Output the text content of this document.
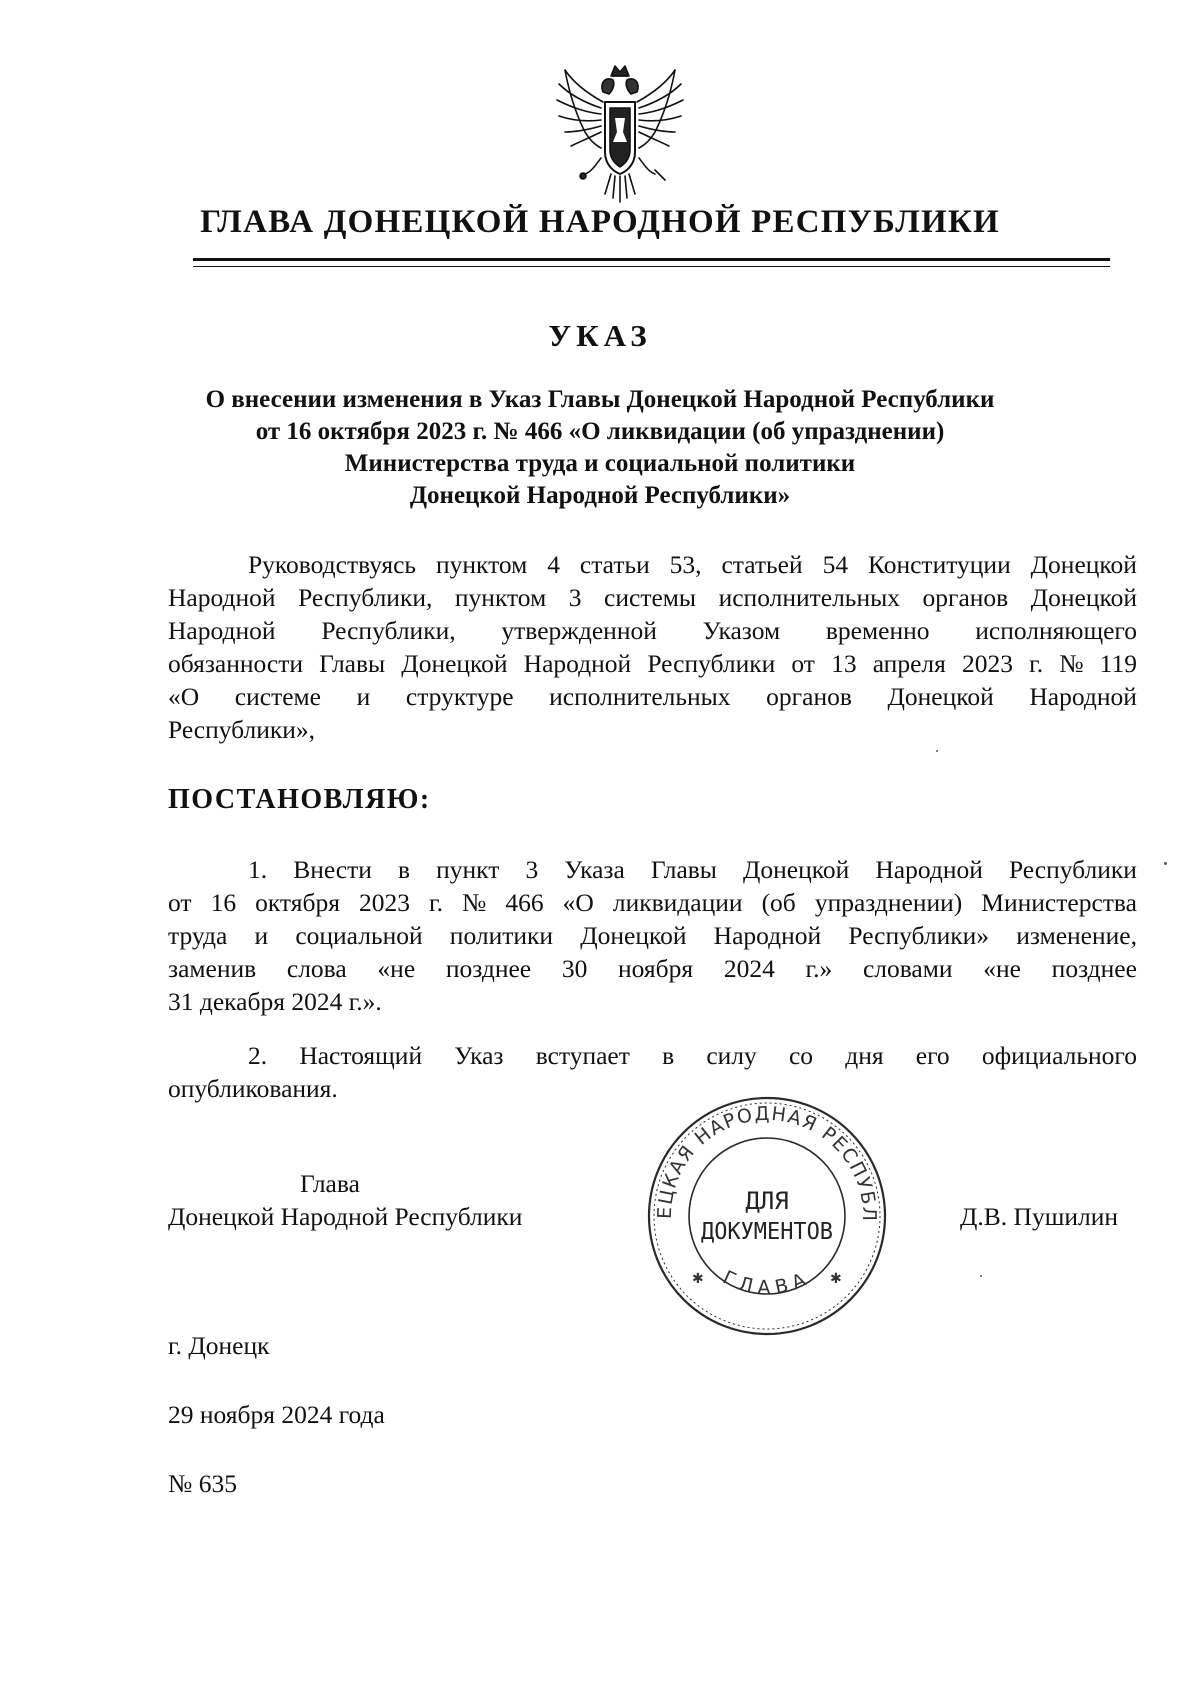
ГЛАВА ДОНЕЦКОЙ НАРОДНОЙ РЕСПУБЛИКИ
УКАЗ
О внесении изменения в Указ Главы Донецкой Народной Республики
от 16 октября 2023 г. № 466 «О ликвидации (об упразднении)
Министерства труда и социальной политики
Донецкой Народной Республики»
Руководствуясь пунктом 4 статьи 53, статьей 54 Конституции Донецкой
Народной Республики, пунктом 3 системы исполнительных органов Донецкой
Народной Республики, утвержденной Указом временно исполняющего
обязанности Главы Донецкой Народной Республики от 13 апреля 2023 г. № 119
«О системе и структуре исполнительных органов Донецкой Народной
Республики»,
ПОСТАНОВЛЯЮ:
1. Внести в пункт 3 Указа Главы Донецкой Народной Республики
от 16 октября 2023 г. № 466 «О ликвидации (об упразднении) Министерства
труда и социальной политики Донецкой Народной Республики» изменение,
заменив слова «не позднее 30 ноября 2024 г.» словами «не позднее
31 декабря 2024 г.».
2. Настоящий Указ вступает в силу со дня его официального
опубликования.
Глава
Донецкой Народной Республики	Д.В. Пушилин
ЕЦКАЯ НАРОДНАЯ РЕСПУБЛ
ГЛАВА
✱	✱
ДЛЯ
ДОКУМЕНТОВ
г. Донецк
29 ноября 2024 года
№ 635
